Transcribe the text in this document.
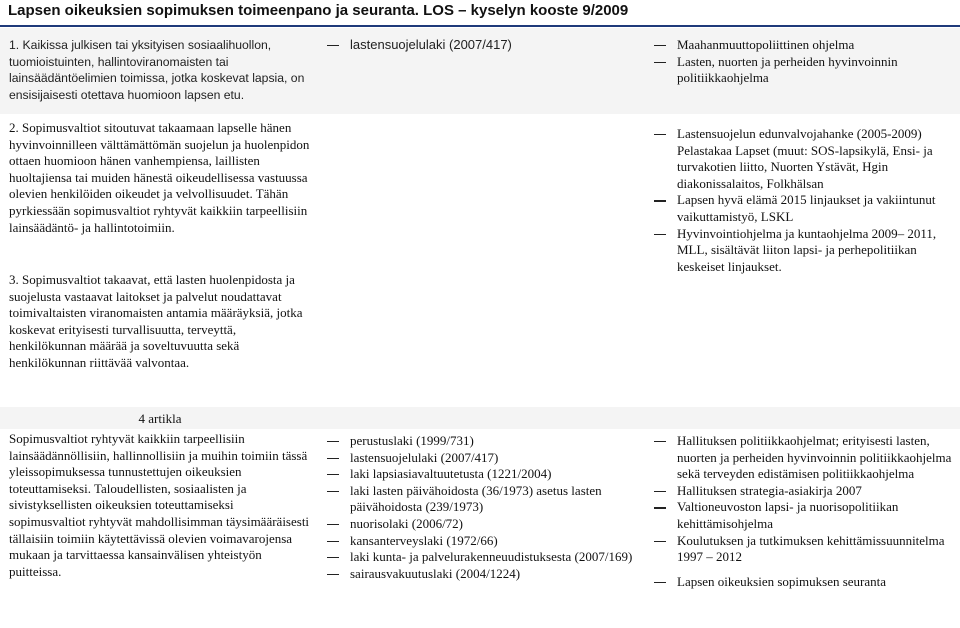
Lapsen oikeuksien sopimuksen toimeenpano ja seuranta. LOS – kyselyn kooste 9/2009
1. Kaikissa julkisen tai yksityisen sosiaalihuollon, tuomioistuinten, hallintoviranomaisten tai lainsäädäntöelimien toimissa, jotka koskevat lapsia, on ensisijaisesti otettava huomioon lapsen etu.
2. Sopimusvaltiot sitoutuvat takaamaan lapselle hänen hyvinvoinnilleen välttämättömän suojelun ja huolenpidon ottaen huomioon hänen vanhempiensa, laillisten huoltajiensa tai muiden hänestä oikeudellisessa vastuussa olevien henkilöiden oikeudet ja velvollisuudet. Tähän pyrkiessään sopimusvaltiot ryhtyvät kaikkiin tarpeellisiin lainsäädäntö- ja hallintotoimiin.
3. Sopimusvaltiot takaavat, että lasten huolenpidosta ja suojelusta vastaavat laitokset ja palvelut noudattavat toimivaltaisten viranomaisten antamia määräyksiä, jotka koskevat erityisesti turvallisuutta, terveyttä, henkilökunnan määrää ja soveltuvuutta sekä henkilökunnan riittävää valvontaa.
lastensuojelulaki (2007/417)	Maahanmuuttopoliittinen ohjelma
Lasten, nuorten ja perheiden hyvinvoinnin politiikkaohjelma
Lastensuojelun edunvalvojahanke (2005-2009) Pelastakaa Lapset (muut: SOS-lapsikylä, Ensi- ja turvakotien liitto, Nuorten Ystävät, Hgin diakonissalaitos, Folkhälsan
Lapsen hyvä elämä 2015 linjaukset ja vakiintunut vaikuttamistyö, LSKL
Hyvinvointiohjelma ja kuntaohjelma 2009– 2011, MLL, sisältävät liiton lapsi- ja perhepolitiikan keskeiset linjaukset.
4 artikla
Sopimusvaltiot ryhtyvät kaikkiin tarpeellisiin lainsäädännöllisiin, hallinnollisiin ja muihin toimiin tässä yleissopimuksessa tunnustettujen oikeuksien toteuttamiseksi. Taloudellisten, sosiaalisten ja sivistyksellisten oikeuksien toteuttamiseksi sopimusvaltiot ryhtyvät mahdollisimman täysimääräisesti tällaisiin toimiin käytettävissä olevien voimavarojensa mukaan ja tarvittaessa kansainvälisen yhteistyön puitteissa.
perustuslaki (1999/731)
lastensuojelulaki (2007/417)
laki lapsiasiavaltuutetusta (1221/2004)
laki lasten päivähoidosta (36/1973) asetus lasten päivähoidosta (239/1973)
nuorisolaki (2006/72)
kansanterveyslaki (1972/66)
laki kunta- ja palvelurakenneuudistuksesta (2007/169)
sairausvakuutuslaki (2004/1224)
Hallituksen politiikkaohjelmat; erityisesti lasten, nuorten ja perheiden hyvinvoinnin politiikkaohjelma sekä terveyden edistämisen politiikkaohjelma
Hallituksen strategia-asiakirja 2007
Valtioneuvoston lapsi- ja nuorisopolitiikan kehittämisohjelma
Koulutuksen ja tutkimuksen kehittämissuunnitelma 1997 – 2012
Lapsen oikeuksien sopimuksen seuranta
